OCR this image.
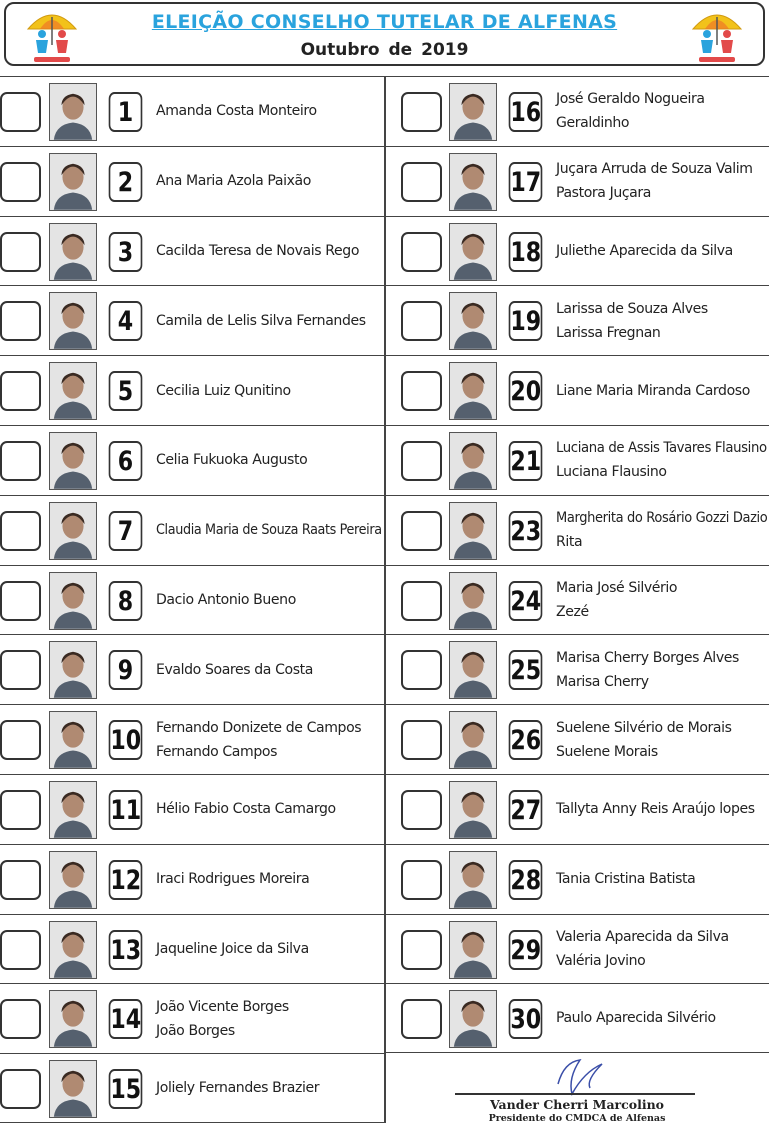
ELEIÇÃO CONSELHO TUTELAR DE ALFENAS
Outubro de 2019
1	Amanda Costa Monteiro
2	Ana Maria Azola Paixão
3	Cacilda Teresa de Novais Rego
4	Camila de Lelis Silva Fernandes
5	Cecilia Luiz Qunitino
6	Celia Fukuoka Augusto
7	Claudia Maria de Souza Raats Pereira
8	Dacio Antonio Bueno
9	Evaldo Soares da Costa
10 Fernando Donizete de Campos
Fernando Campos
11 Hélio Fabio Costa Camargo
12 Iraci Rodrigues Moreira
13 Jaqueline Joice da Silva
14 João Vicente Borges
João Borges
15 Joliely Fernandes Brazier
16 José Geraldo Nogueira
Geraldinho
17 Juçara Arruda de Souza Valim
Pastora Juçara
18 Juliethe Aparecida da Silva
19 Larissa de Souza Alves
Larissa Fregnan
20 Liane Maria Miranda Cardoso
21 Luciana de Assis Tavares Flausino
Luciana Flausino
23 Margherita do Rosário Gozzi Dazio
Rita
24 Maria José Silvério
Zezé
25 Marisa Cherry Borges Alves
Marisa Cherry
26 Suelene Silvério de Morais
Suelene Morais
27 Tallyta Anny Reis Araújo lopes
28 Tania Cristina Batista
29 Valeria Aparecida da Silva
Valéria Jovino
30 Paulo Aparecida Silvério
Vander Cherri Marcolino
Presidente do CMDCA de Alfenas
